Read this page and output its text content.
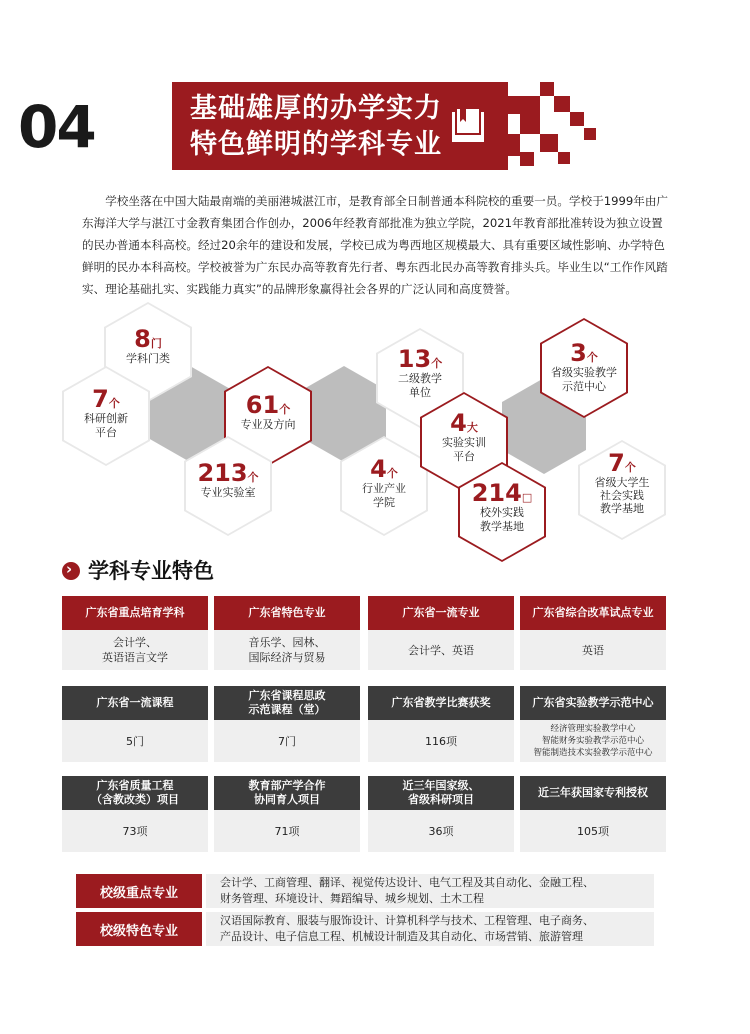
04	基础雄厚的办学实力
特色鲜明的学科专业
学校坐落在中国大陆最南端的美丽港城湛江市，是教育部全日制普通本科院校的重要一员。学校于1999年由广东海洋大学与湛江寸金教育集团合作创办，2006年经教育部批准为独立学院，2021年教育部批准转设为独立设置的民办普通本科高校。经过20余年的建设和发展，学校已成为粤西地区规模最大、具有重要区域性影响、办学特色鲜明的民办本科高校。学校被誉为广东民办高等教育先行者、粤东西北民办高等教育排头兵。毕业生以“工作作风踏实、理论基础扎实、实践能力真实”的品牌形象赢得社会各界的广泛认同和高度赞誉。
8门
学科门类
7个
科研创新
平台
61个
专业及方向
213个
专业实验室
4个
行业产业
学院
13个
二级教学
单位
4大
实验实训
平台
214□
校外实践
教学基地
3个
省级实验教学
示范中心
7个
省级大学生
社会实践
教学基地
› 学科专业特色
广东省重点培育学科
会计学、
英语语言文学
广东省特色专业
音乐学、园林、
国际经济与贸易
广东省一流专业
会计学、英语
广东省综合改革试点专业
英语
广东省一流课程
5门
广东省课程思政
示范课程（堂）
7门
广东省教学比赛获奖
116项
广东省实验教学示范中心
经济管理实验教学中心
智能财务实验教学示范中心
智能制造技术实验教学示范中心
广东省质量工程
（含教改类）项目
73项
教育部产学合作
协同育人项目
71项
近三年国家级、
省级科研项目
36项
近三年获国家专利授权
105项
校级重点专业
会计学、工商管理、翻译、视觉传达设计、电气工程及其自动化、金融工程、
财务管理、环境设计、舞蹈编导、城乡规划、土木工程
校级特色专业
汉语国际教育、服装与服饰设计、计算机科学与技术、工程管理、电子商务、
产品设计、电子信息工程、机械设计制造及其自动化、市场营销、旅游管理
